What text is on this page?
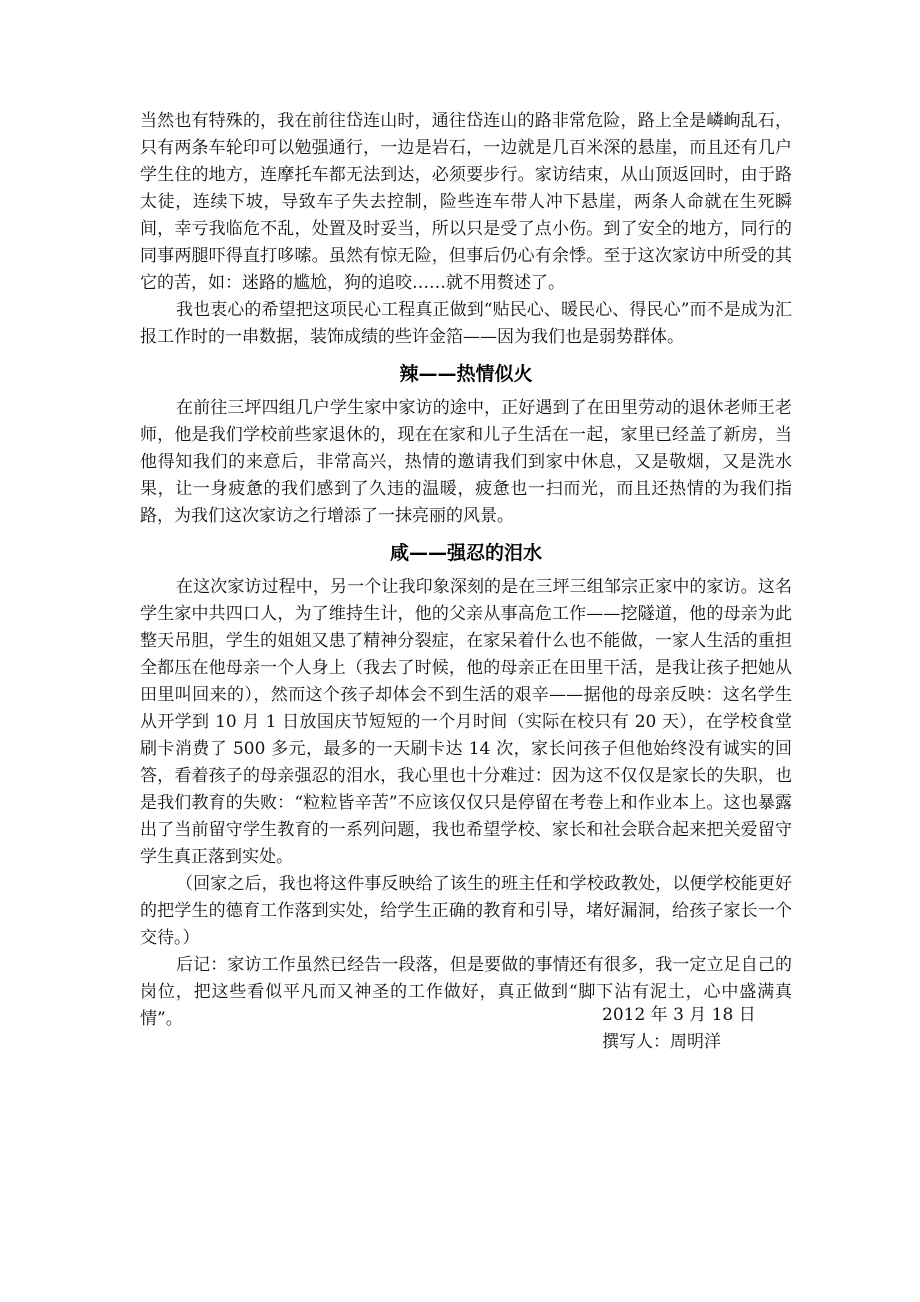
当然也有特殊的，我在前往岱连山时，通往岱连山的路非常危险，路上全是嶙峋乱石，只有两条车轮印可以勉强通行，一边是岩石，一边就是几百米深的悬崖，而且还有几户学生住的地方，连摩托车都无法到达，必须要步行。家访结束，从山顶返回时，由于路太徒，连续下坡，导致车子失去控制，险些连车带人冲下悬崖，两条人命就在生死瞬间，幸亏我临危不乱，处置及时妥当，所以只是受了点小伤。到了安全的地方，同行的同事两腿吓得直打哆嗦。虽然有惊无险，但事后仍心有余悸。至于这次家访中所受的其它的苦，如：迷路的尴尬，狗的追咬……就不用赘述了。

我也衷心的希望把这项民心工程真正做到“贴民心、暖民心、得民心”而不是成为汇报工作时的一串数据，装饰成绩的些许金箔——因为我们也是弱势群体。

辣——热情似火

在前往三坪四组几户学生家中家访的途中，正好遇到了在田里劳动的退休老师王老师，他是我们学校前些家退休的，现在在家和儿子生活在一起，家里已经盖了新房，当他得知我们的来意后，非常高兴，热情的邀请我们到家中休息，又是敬烟，又是洗水果，让一身疲惫的我们感到了久违的温暖，疲惫也一扫而光，而且还热情的为我们指路，为我们这次家访之行增添了一抹亮丽的风景。

咸——强忍的泪水

在这次家访过程中，另一个让我印象深刻的是在三坪三组邹宗正家中的家访。这名学生家中共四口人，为了维持生计，他的父亲从事高危工作——挖隧道，他的母亲为此整天吊胆，学生的姐姐又患了精神分裂症，在家呆着什么也不能做，一家人生活的重担全都压在他母亲一个人身上（我去了时候，他的母亲正在田里干活，是我让孩子把她从田里叫回来的），然而这个孩子却体会不到生活的艰辛——据他的母亲反映：这名学生从开学到 10 月 1 日放国庆节短短的一个月时间（实际在校只有 20 天），在学校食堂刷卡消费了 500 多元，最多的一天刷卡达 14 次，家长问孩子但他始终没有诚实的回答，看着孩子的母亲强忍的泪水，我心里也十分难过：因为这不仅仅是家长的失职，也是我们教育的失败：“粒粒皆辛苦”不应该仅仅只是停留在考卷上和作业本上。这也暴露出了当前留守学生教育的一系列问题，我也希望学校、家长和社会联合起来把关爱留守学生真正落到实处。

（回家之后，我也将这件事反映给了该生的班主任和学校政教处，以便学校能更好的把学生的德育工作落到实处，给学生正确的教育和引导，堵好漏洞，给孩子家长一个交待。）

后记：家访工作虽然已经告一段落，但是要做的事情还有很多，我一定立足自己的岗位，把这些看似平凡而又神圣的工作做好，真正做到“脚下沾有泥土，心中盛满真情”。	2012 年 3 月 18 日
撰写人：周明洋
